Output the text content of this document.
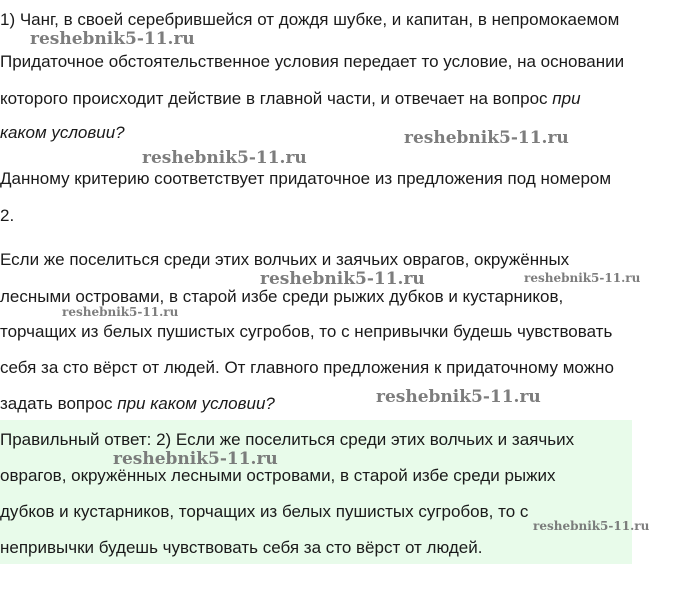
1) Чанг, в своей серебрившейся от дождя шубке, и капитан, в непромокаемом
Придаточное обстоятельственное условия передает то условие, на основании
которого происходит действие в главной части, и отвечает на вопрос при
каком условии?
Данному критерию соответствует придаточное из предложения под номером
2.
Если же поселиться среди этих волчьих и заячьих оврагов, окружённых
лесными островами, в старой избе среди рыжих дубков и кустарников,
торчащих из белых пушистых сугробов, то с непривычки будешь чувствовать
себя за сто вёрст от людей. От главного предложения к придаточному можно
задать вопрос при каком условии?
Правильный ответ: 2) Если же поселиться среди этих волчьих и заячьих
оврагов, окружённых лесными островами, в старой избе среди рыжих
дубков и кустарников, торчащих из белых пушистых сугробов, то с
непривычки будешь чувствовать себя за сто вёрст от людей.
reshebnik5-11.ru
reshebnik5-11.ru
reshebnik5-11.ru
reshebnik5-11.ru	reshebnik5-11.ru
reshebnik5-11.ru
reshebnik5-11.ru
reshebnik5-11.ru
reshebnik5-11.ru
